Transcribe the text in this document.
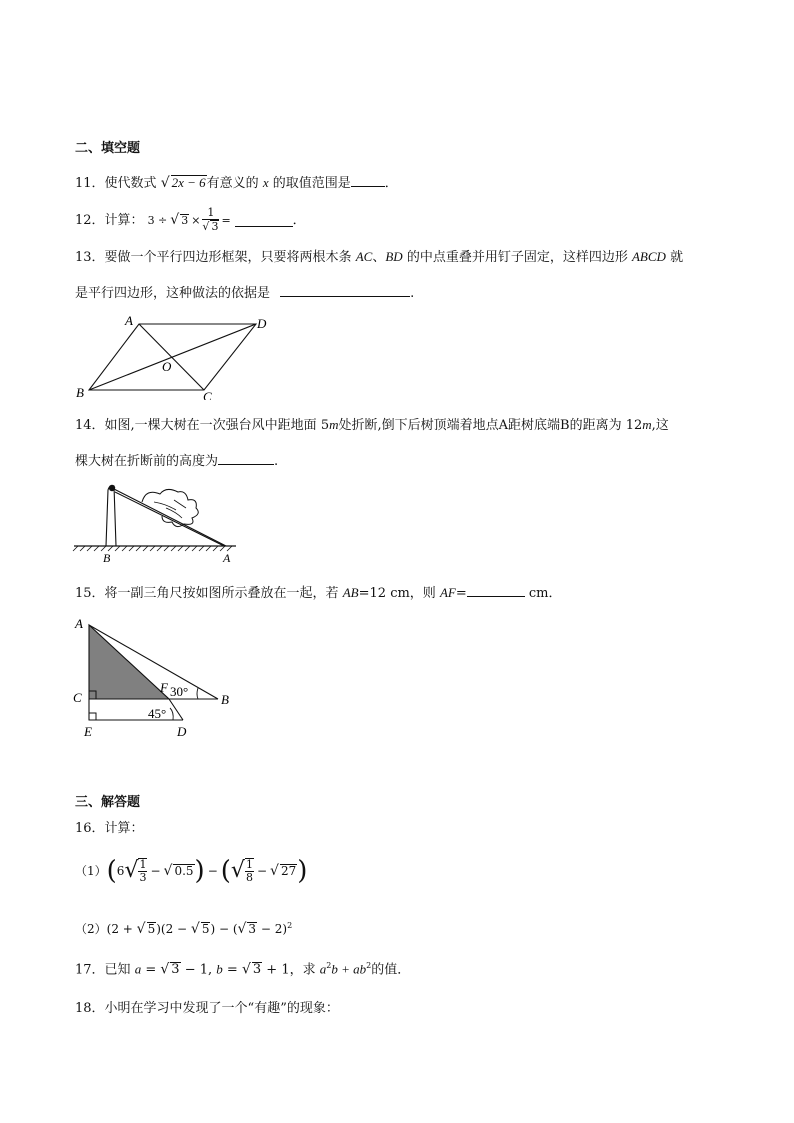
二、填空题
11．使代数式 √ 2x − 6有意义的 x 的取值范围是	．
12． 计算： 3 ÷ √ $3 \times \frac{1}{√ 3}$ =	．
13．要做一个平行四边形框架，只要将两根木条 AC、BD 的中点重叠并用钉子固定，这样四边形 ABCD 就
是平行四边形，这种做法的依据是	.
A	D
B	C
O
14．如图,一棵大树在一次强台风中距地面 5m处折断,倒下后树顶端着地点A距树底端B的距离为 12m,这
棵大树在折断前的高度为	.
B	A
15．将一副三角尺按如图所示叠放在一起，若 AB=12 cm，则 AF=	cm．
A
C
E
F
B
D
30°
45°
三、解答题
16．计算：
（1） ( 6 √ $\frac{1}{3}$ − √ 0.5 ) − ( √ $\frac{1}{8}$ − √ 27 )
（2）(2 + √ 5)(2 − √ 5) − (√ 3 − 2)$^2$
17．已知 a = √ 3 − 1, b = √ 3 + 1，求 $a^2b + ab^2$的值．
18．小明在学习中发现了一个“有趣”的现象：
